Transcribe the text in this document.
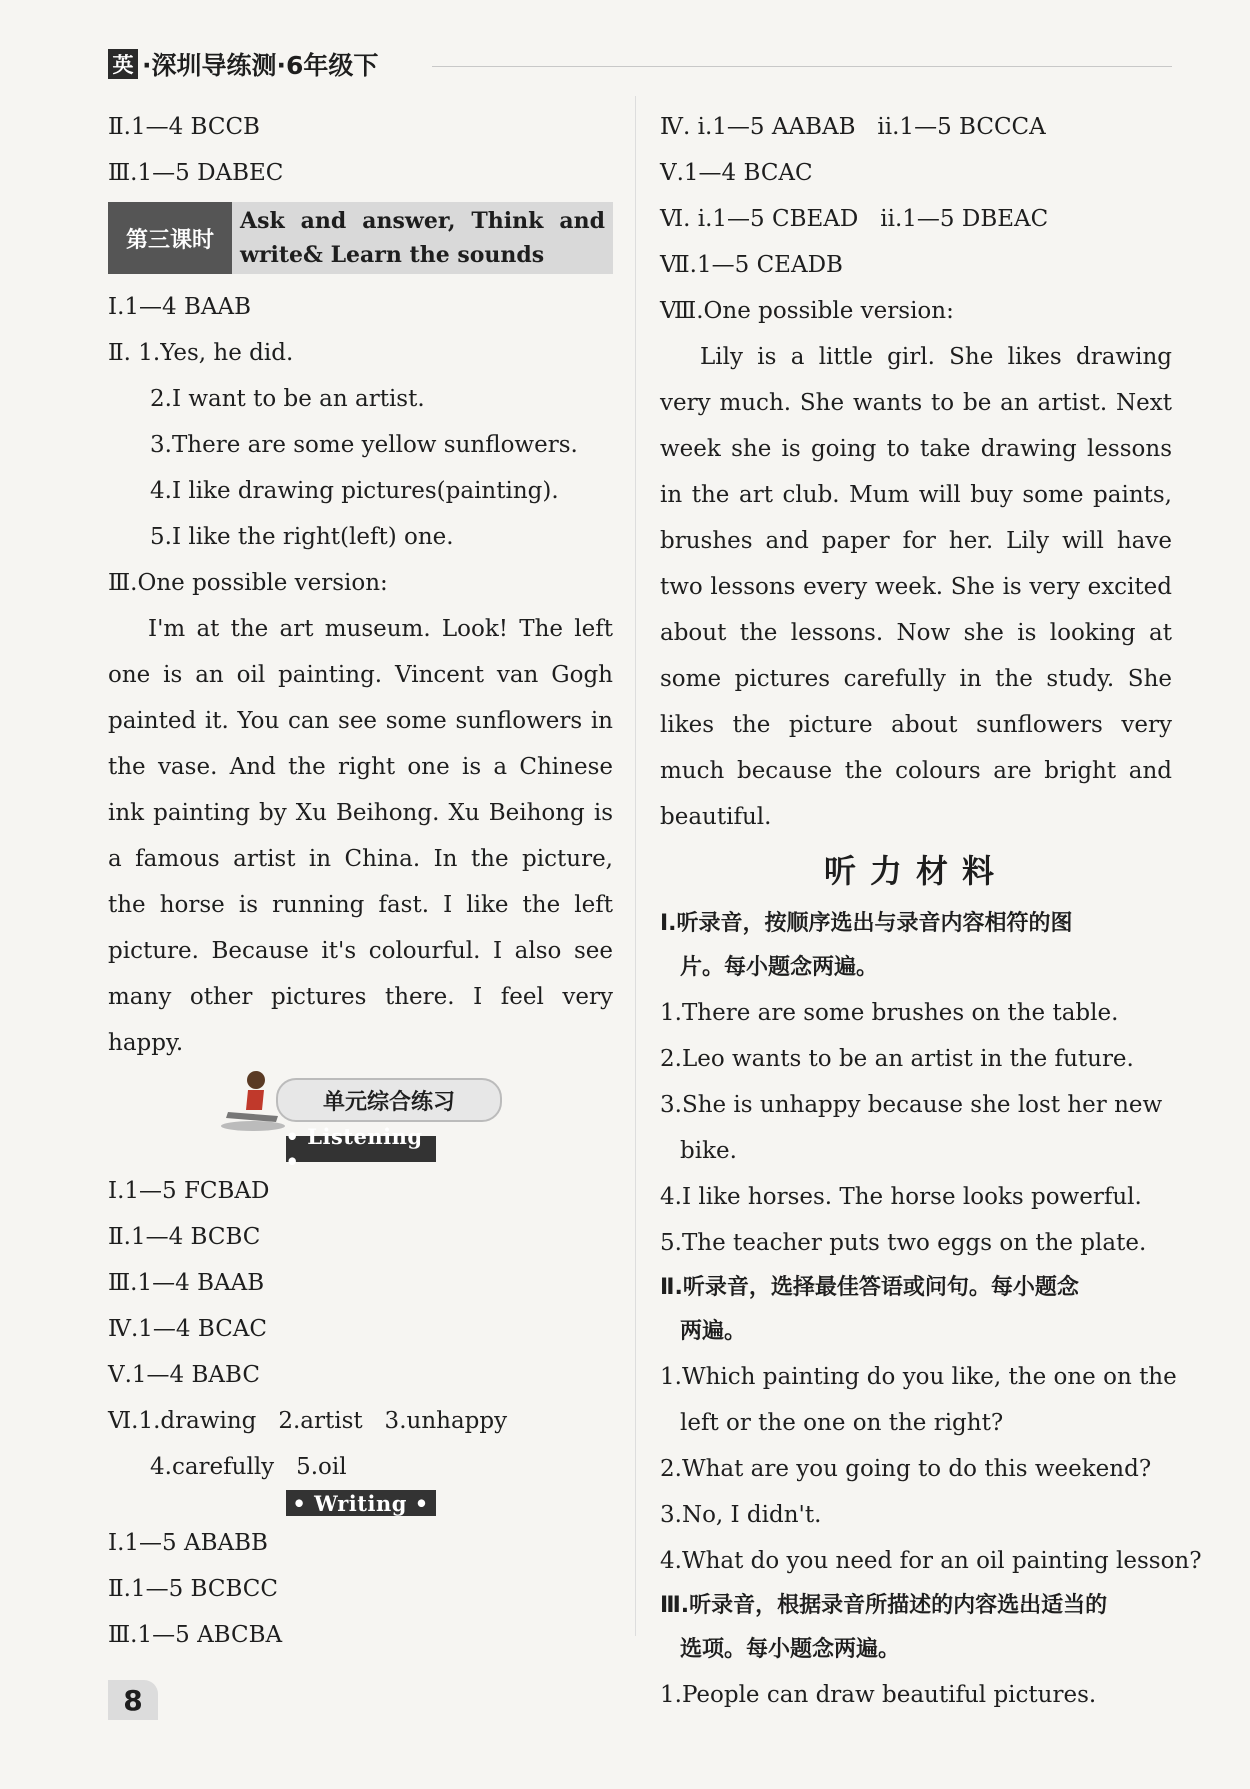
英 ·深圳导练测·6年级下
Ⅱ.1—4 BCCB
Ⅲ.1—5 DABEC
第三课时
Ask and answer, Think and
write& Learn the sounds
Ⅰ.1—4 BAAB
Ⅱ. 1.Yes, he did.
2.I want to be an artist.
3.There are some yellow sunflowers.
4.I like drawing pictures(painting).
5.I like the right(left) one.
Ⅲ.One possible version:
I'm at the art museum. Look! The left one is an oil painting. Vincent van Gogh painted it. You can see some sunflowers in the vase. And the right one is a Chinese ink painting by Xu Beihong. Xu Beihong is a famous artist in China. In the picture, the horse is running fast. I like the left picture. Because it's colourful. I also see many other pictures there. I feel very happy.
单元综合练习
• Listening •
Ⅰ.1—5 FCBAD
Ⅱ.1—4 BCBC
Ⅲ.1—4 BAAB
Ⅳ.1—4 BCAC
Ⅴ.1—4 BABC
Ⅵ.1.drawing   2.artist   3.unhappy
4.carefully   5.oil
• Writing •
Ⅰ.1—5 ABABB
Ⅱ.1—5 BCBCC
Ⅲ.1—5 ABCBA
Ⅳ. ⅰ.1—5 AABAB   ⅱ.1—5 BCCCA
Ⅴ.1—4 BCAC
Ⅵ. ⅰ.1—5 CBEAD   ⅱ.1—5 DBEAC
Ⅶ.1—5 CEADB
Ⅷ.One possible version:
Lily is a little girl. She likes drawing very much. She wants to be an artist. Next week she is going to take drawing lessons in the art club. Mum will buy some paints, brushes and paper for her. Lily will have two lessons every week. She is very excited about the lessons. Now she is looking at some pictures carefully in the study. She likes the picture about sunflowers very much because the colours are bright and beautiful.
听力材料
Ⅰ.听录音，按顺序选出与录音内容相符的图
片。每小题念两遍。
1.There are some brushes on the table.
2.Leo wants to be an artist in the future.
3.She is unhappy because she lost her new
bike.
4.I like horses. The horse looks powerful.
5.The teacher puts two eggs on the plate.
Ⅱ.听录音，选择最佳答语或问句。每小题念
两遍。
1.Which painting do you like, the one on the
left or the one on the right?
2.What are you going to do this weekend?
3.No, I didn't.
4.What do you need for an oil painting lesson?
Ⅲ.听录音，根据录音所描述的内容选出适当的
选项。每小题念两遍。
1.People can draw beautiful pictures.
8
